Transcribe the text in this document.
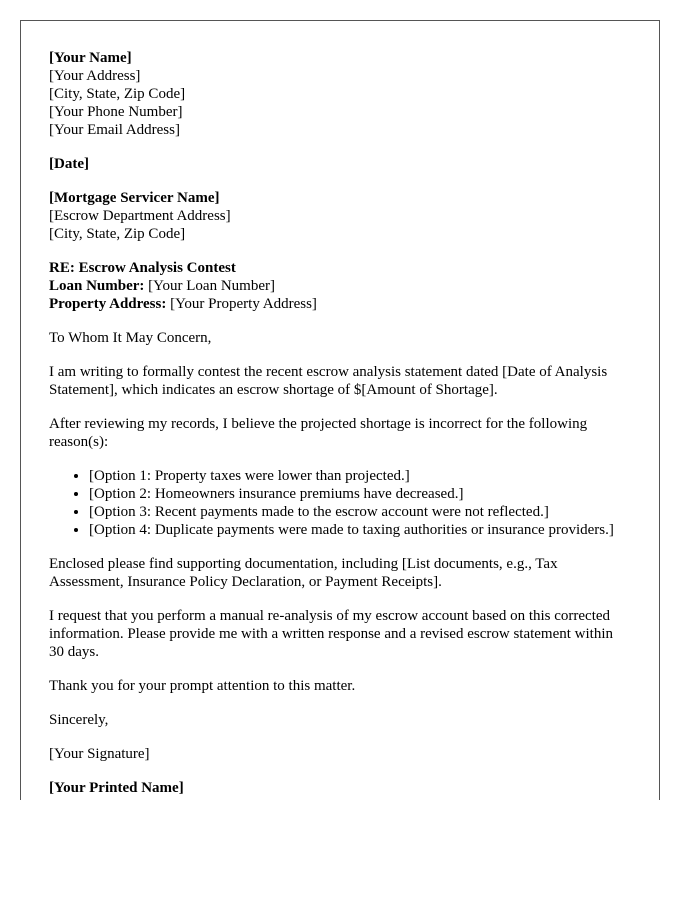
[Your Name]
[Your Address]
[City, State, Zip Code]
[Your Phone Number]
[Your Email Address]
[Date]
[Mortgage Servicer Name]
[Escrow Department Address]
[City, State, Zip Code]
RE: Escrow Analysis Contest
Loan Number: [Your Loan Number]
Property Address: [Your Property Address]

To Whom It May Concern,

I am writing to formally contest the recent escrow analysis statement dated [Date of Analysis Statement], which indicates an escrow shortage of $[Amount of Shortage].

After reviewing my records, I believe the projected shortage is incorrect for the following reason(s):

• [Option 1: Property taxes were lower than projected.]
• [Option 2: Homeowners insurance premiums have decreased.]
• [Option 3: Recent payments made to the escrow account were not reflected.]
• [Option 4: Duplicate payments were made to taxing authorities or insurance providers.]

Enclosed please find supporting documentation, including [List documents, e.g., Tax Assessment, Insurance Policy Declaration, or Payment Receipts].

I request that you perform a manual re-analysis of my escrow account based on this corrected information. Please provide me with a written response and a revised escrow statement within 30 days.

Thank you for your prompt attention to this matter.

Sincerely,

[Your Signature]

[Your Printed Name]
